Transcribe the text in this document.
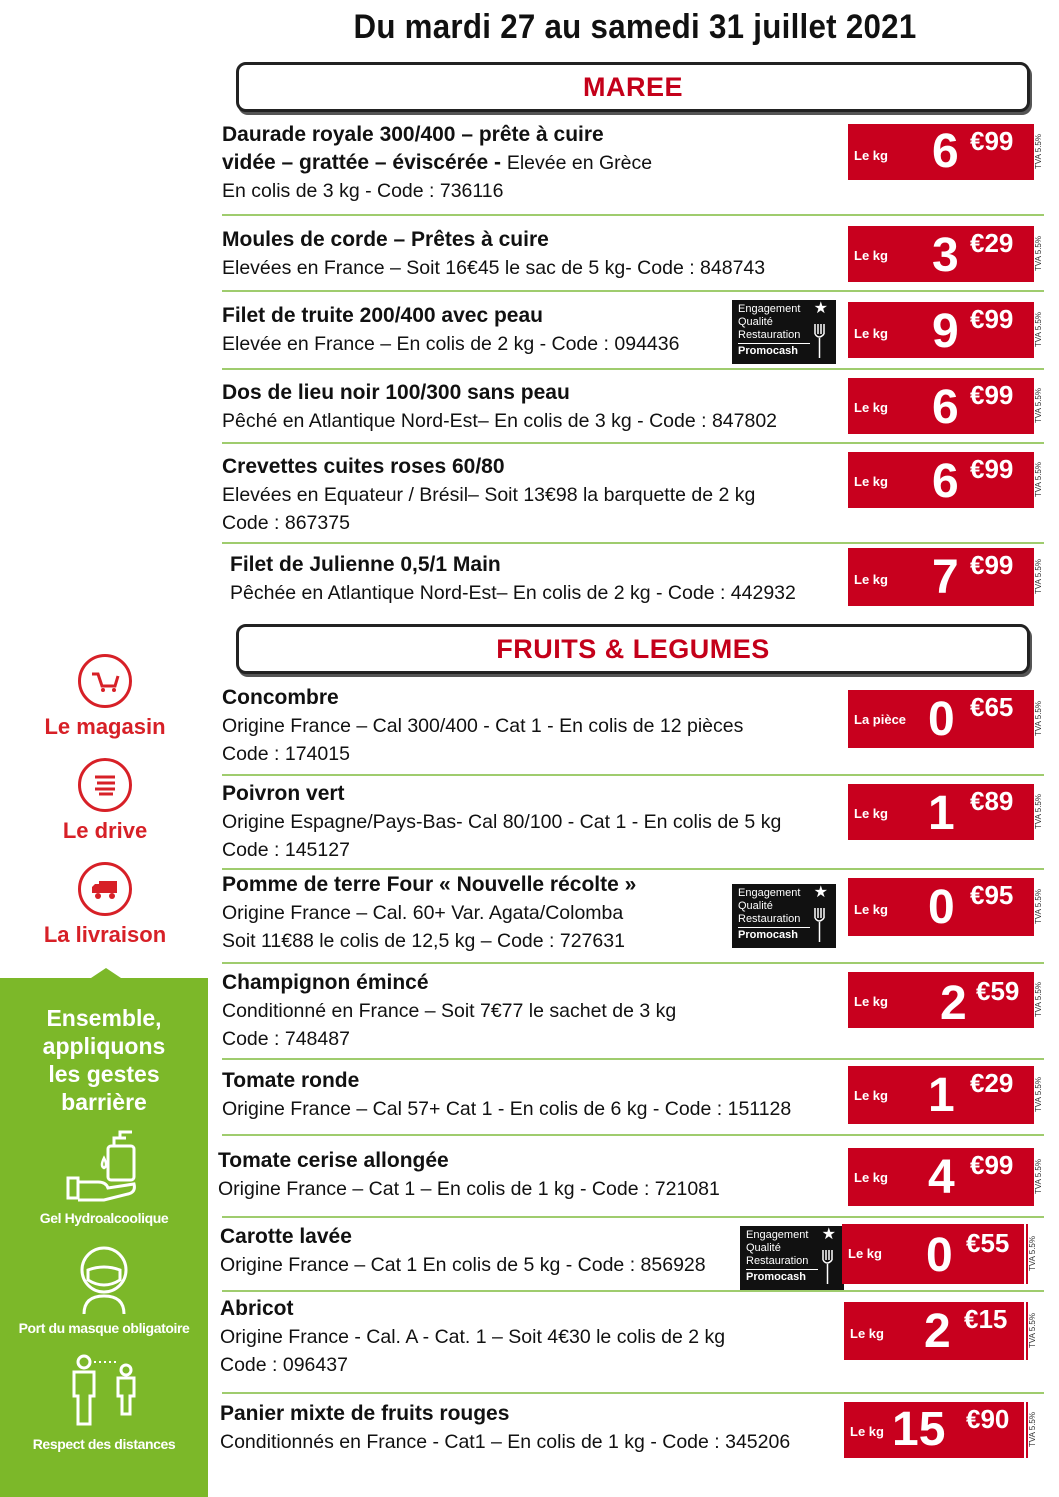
Du mardi 27 au samedi 31 juillet 2021
MAREE
FRUITS & LEGUMES
Le magasin
Le drive
La livraison
Ensemble,
appliquons
les gestes
barrière
Gel Hydroalcoolique
Port du masque obligatoire
Respect des distances
Daurade royale 300/400 – prête à cuire
vidée – grattée – éviscérée - Elevée en Grèce
En colis de 3 kg - Code : 736116
Le kg 6 €99	TVA 5.5%
Moules de corde – Prêtes à cuire
Elevées en France – Soit 16€45 le sac de 5 kg- Code : 848743
Le kg 3 €29	TVA 5.5%
Filet de truite 200/400 avec peau
Elevée en France – En colis de 2 kg - Code : 094436
Engagement
Qualité
Restauration
Promocash
★
Le kg 9 €99	TVA 5.5%
Dos de lieu noir 100/300 sans peau
Pêché en Atlantique Nord-Est– En colis de 3 kg - Code : 847802
Le kg 6 €99	TVA 5.5%
Crevettes cuites roses 60/80
Elevées en Equateur / Brésil– Soit 13€98 la barquette de 2 kg
Code : 867375
Le kg 6 €99	TVA 5.5%
Filet de Julienne 0,5/1 Main
Pêchée en Atlantique Nord-Est– En colis de 2 kg - Code : 442932
Le kg 7 €99	TVA 5.5%
Concombre
Origine France – Cal 300/400 - Cat 1 - En colis de 12 pièces
Code : 174015
La pièce 0 €65	TVA 5.5%
Poivron vert
Origine Espagne/Pays-Bas- Cal 80/100 - Cat 1 - En colis de 5 kg
Code : 145127
Le kg 1 €89	TVA 5.5%
Pomme de terre Four « Nouvelle récolte »
Origine France – Cal. 60+ Var. Agata/Colomba
Soit 11€88 le colis de 12,5 kg – Code : 727631
Engagement
Qualité
Restauration
Promocash
★
Le kg 0 €95	TVA 5.5%
Champignon émincé
Conditionné en France – Soit 7€77 le sachet de 3 kg
Code : 748487
Le kg 2 €59 TVA 5.5%
Tomate ronde
Origine France – Cal 57+ Cat 1 - En colis de 6 kg - Code : 151128
Le kg 1 €29	TVA 5.5%
Tomate cerise allongée
Origine France – Cat 1 – En colis de 1 kg - Code : 721081
Le kg 4 €99	TVA 5.5%
Carotte lavée
Origine France – Cat 1 En colis de 5 kg - Code : 856928
Engagement
Qualité
Restauration
Promocash
★
Le kg 0 €55 TVA 5.5%
Abricot
Origine France - Cal. A - Cat. 1 – Soit 4€30 le colis de 2 kg
Code : 096437
Le kg 2 €15	TVA 5.5%
Panier mixte de fruits rouges
Conditionnés en France - Cat1 – En colis de 1 kg - Code : 345206	Le kg 15 €90 TVA 5.5%
